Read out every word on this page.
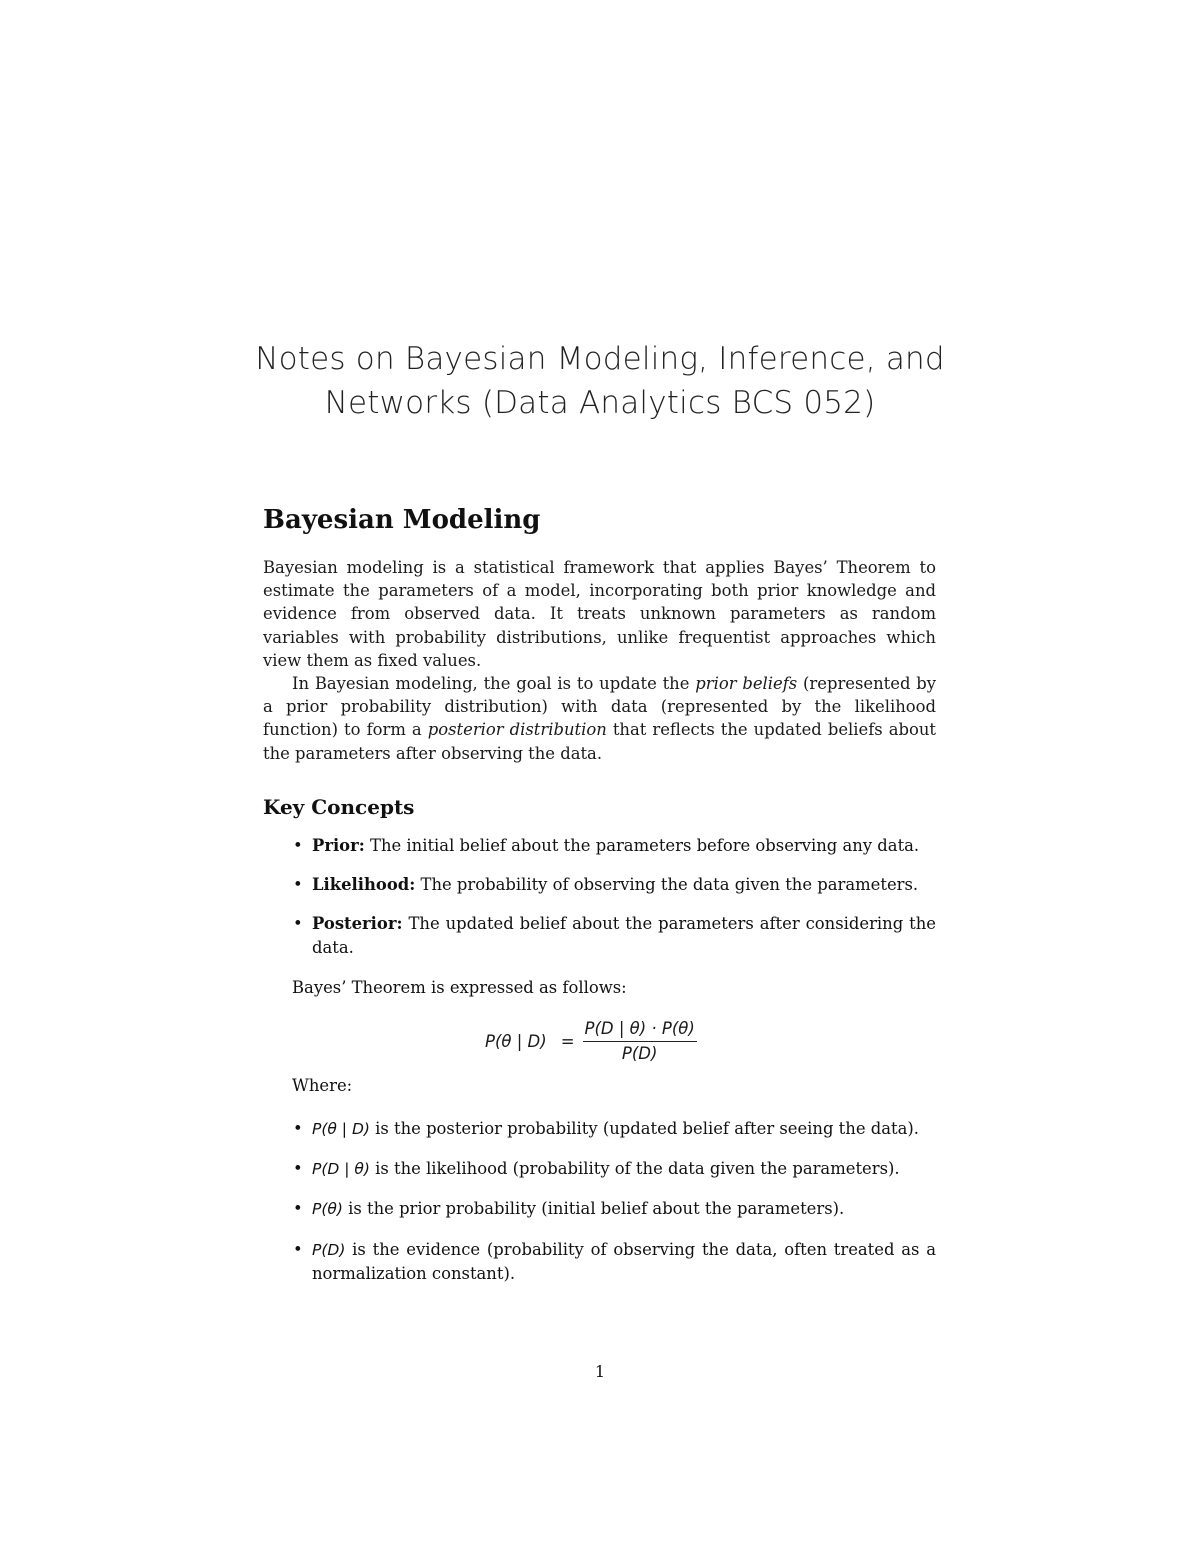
Notes on Bayesian Modeling, Inference, and
Networks (Data Analytics BCS 052)
Bayesian Modeling

Bayesian modeling is a statistical framework that applies Bayes’ Theorem to estimate the parameters of a model, incorporating both prior knowledge and evidence from observed data. It treats unknown parameters as random variables with probability distributions, unlike frequentist approaches which view them as fixed values.

In Bayesian modeling, the goal is to update the prior beliefs (represented by a prior probability distribution) with data (represented by the likelihood function) to form a posterior distribution that reflects the updated beliefs about the parameters after observing the data.

Key Concepts
• Prior: The initial belief about the parameters before observing any data.
• Likelihood: The probability of observing the data given the parameters.
• Posterior: The updated belief about the parameters after considering the data.
Bayes’ Theorem is expressed as follows:
P(θ | $D) = \frac{P(D | \theta) \cdot P(\theta)}{P(D)}$
Where:
• P(θ | D) is the posterior probability (updated belief after seeing the data).
• P(D | θ) is the likelihood (probability of the data given the parameters).
• P(θ) is the prior probability (initial belief about the parameters).
• P(D) is the evidence (probability of observing the data, often treated as a normalization constant).
1
